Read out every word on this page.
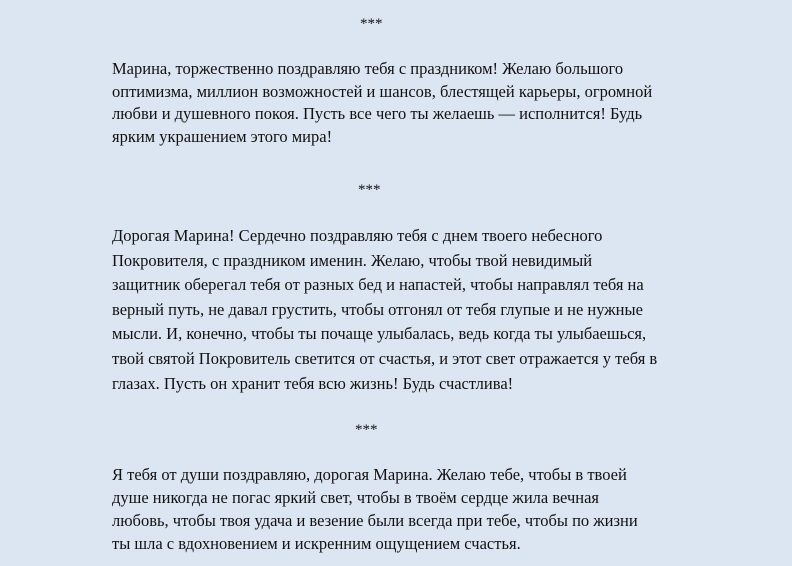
***
Марина, торжественно поздравляю тебя с праздником! Желаю большого
оптимизма, миллион возможностей и шансов, блестящей карьеры, огромной
любви и душевного покоя. Пусть все чего ты желаешь — исполнится! Будь
ярким украшением этого мира!
***
Дорогая Марина! Сердечно поздравляю тебя с днем твоего небесного
Покровителя, с праздником именин. Желаю, чтобы твой невидимый
защитник оберегал тебя от разных бед и напастей, чтобы направлял тебя на
верный путь, не давал грустить, чтобы отгонял от тебя глупые и не нужные
мысли. И, конечно, чтобы ты почаще улыбалась, ведь когда ты улыбаешься,
твой святой Покровитель светится от счастья, и этот свет отражается у тебя в
глазах. Пусть он хранит тебя всю жизнь! Будь счастлива!
***
Я тебя от души поздравляю, дорогая Марина. Желаю тебе, чтобы в твоей
душе никогда не погас яркий свет, чтобы в твоём сердце жила вечная
любовь, чтобы твоя удача и везение были всегда при тебе, чтобы по жизни
ты шла с вдохновением и искренним ощущением счастья.
